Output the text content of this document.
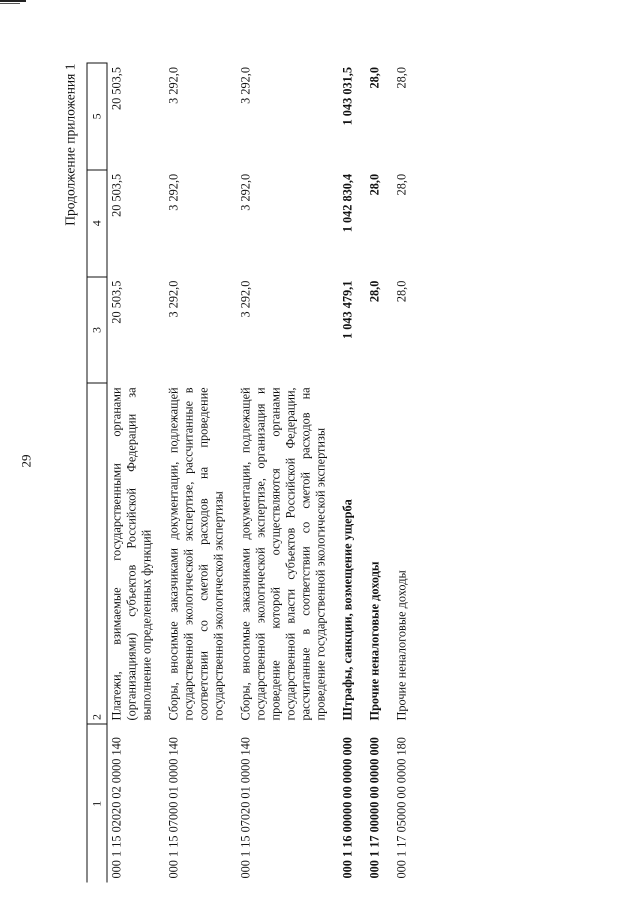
29
Продолжение приложения 1
1	2	3	4	5
000 1 15 02020 02 0000 140	Платежи, взимаемые государственными органами (организациями) субъектов Российской Федерации за выполнение определенных функций	20 503,5	20 503,5	20 503,5
000 1 15 07000 01 0000 140	Сборы, вносимые заказчиками документации, подлежащей государственной экологической экспертизе, рассчитанные в соответствии со сметой расходов на проведение государственной экологической экспертизы	3 292,0	3 292,0	3 292,0
000 1 15 07020 01 0000 140	Сборы, вносимые заказчиками документации, подлежащей государственной экологической экспертизе, организация и проведение которой осуществляются органами государственной власти субъектов Российской Федерации, рассчитанные в соответствии со сметой расходов на проведение государственной экологической экспертизы	3 292,0	3 292,0	3 292,0
000 1 16 00000 00 0000 000	Штрафы, санкции, возмещение ущерба	1 043 479,1	1 042 830,4	1 043 031,5
000 1 17 00000 00 0000 000	Прочие неналоговые доходы	28,0	28,0	28,0
000 1 17 05000 00 0000 180	Прочие неналоговые доходы	28,0	28,0	28,0
